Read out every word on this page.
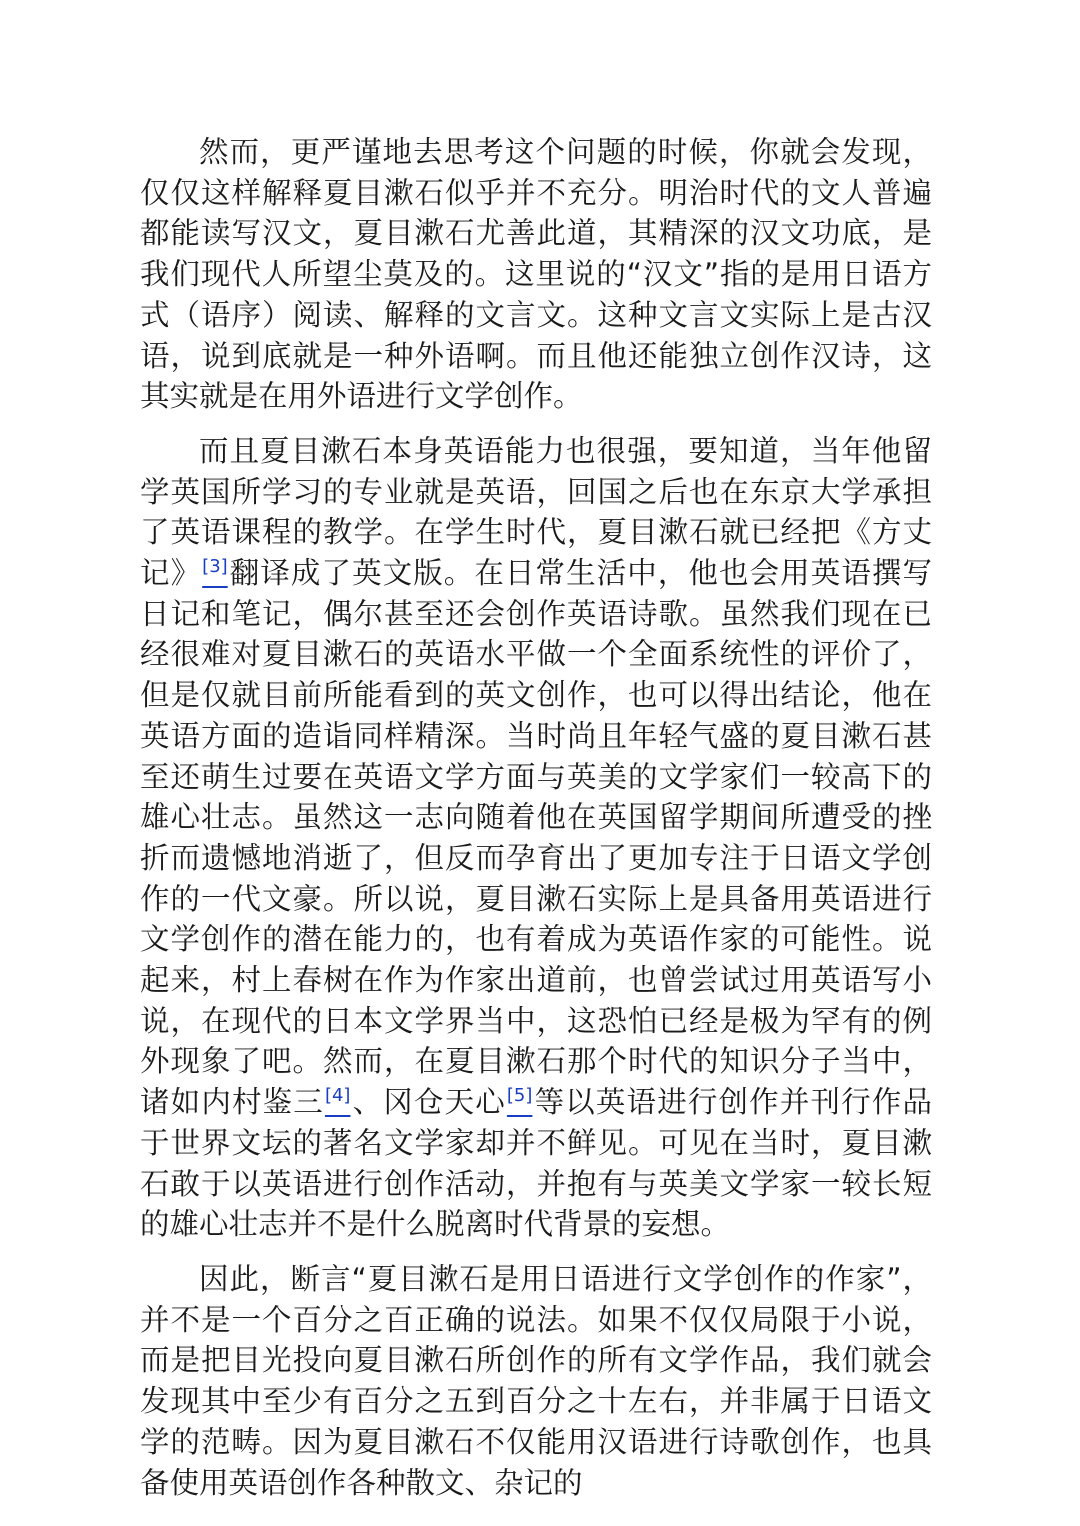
然而，更严谨地去思考这个问题的时候，你就会发现，仅仅这样解释夏目漱石似乎并不充分。明治时代的文人普遍都能读写汉文，夏目漱石尤善此道，其精深的汉文功底，是我们现代人所望尘莫及的。这里说的“汉文”指的是用日语方式（语序）阅读、解释的文言文。这种文言文实际上是古汉语，说到底就是一种外语啊。而且他还能独立创作汉诗，这其实就是在用外语进行文学创作。

而且夏目漱石本身英语能力也很强，要知道，当年他留学英国所学习的专业就是英语，回国之后也在东京大学承担了英语课程的教学。在学生时代，夏目漱石就已经把《方丈记》[3]翻译成了英文版。在日常生活中，他也会用英语撰写日记和笔记，偶尔甚至还会创作英语诗歌。虽然我们现在已经很难对夏目漱石的英语水平做一个全面系统性的评价了，但是仅就目前所能看到的英文创作，也可以得出结论，他在英语方面的造诣同样精深。当时尚且年轻气盛的夏目漱石甚至还萌生过要在英语文学方面与英美的文学家们一较高下的雄心壮志。虽然这一志向随着他在英国留学期间所遭受的挫折而遗憾地消逝了，但反而孕育出了更加专注于日语文学创作的一代文豪。所以说，夏目漱石实际上是具备用英语进行文学创作的潜在能力的，也有着成为英语作家的可能性。说起来，村上春树在作为作家出道前，也曾尝试过用英语写小说，在现代的日本文学界当中，这恐怕已经是极为罕有的例外现象了吧。然而，在夏目漱石那个时代的知识分子当中，诸如内村鉴三[4]、冈仓天心[5]等以英语进行创作并刊行作品于世界文坛的著名文学家却并不鲜见。可见在当时，夏目漱石敢于以英语进行创作活动，并抱有与英美文学家一较长短的雄心壮志并不是什么脱离时代背景的妄想。

因此，断言“夏目漱石是用日语进行文学创作的作家”，并不是一个百分之百正确的说法。如果不仅仅局限于小说，而是把目光投向夏目漱石所创作的所有文学作品，我们就会发现其中至少有百分之五到百分之十左右，并非属于日语文学的范畴。因为夏目漱石不仅能用汉语进行诗歌创作，也具备使用英语创作各种散文、杂记的
